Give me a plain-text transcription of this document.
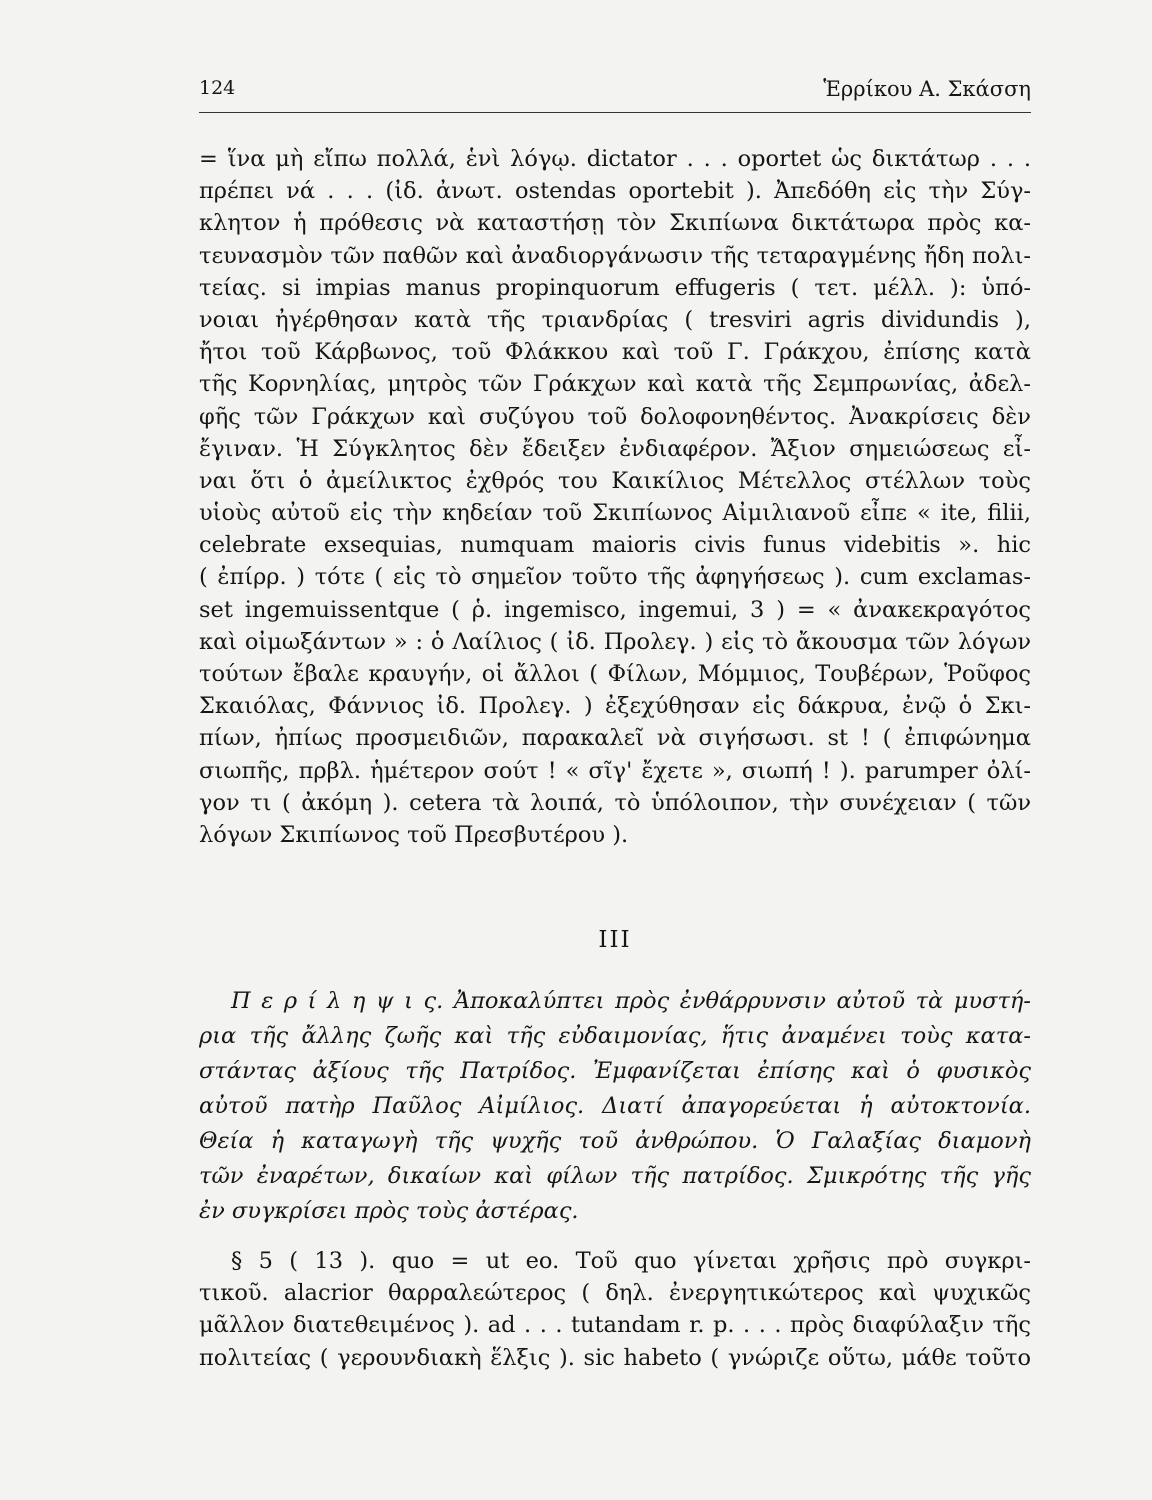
124	Ἑρρίκου Α. Σκάσση
= ἵνα μὴ εἴπω πολλά, ἑνὶ λόγῳ. dictator . . . oportet ὡς δικτάτωρ . . .
πρέπει νά . . . (ἰδ. ἀνωτ. ostendas oportebit ). Ἀπεδόθη εἰς τὴν Σύγ-
κλητον ἡ πρόθεσις νὰ καταστήσῃ τὸν Σκιπίωνα δικτάτωρα πρὸς κα-
τευνασμὸν τῶν παθῶν καὶ ἀναδιοργάνωσιν τῆς τεταραγμένης ἤδη πολι-
τείας. si impias manus propinquorum effugeris ( τετ. μέλλ. ): ὑπό-
νοιαι ἠγέρθησαν κατὰ τῆς τριανδρίας ( tresviri agris dividundis ),
ἤτοι τοῦ Κάρβωνος, τοῦ Φλάκκου καὶ τοῦ Γ. Γράκχου, ἐπίσης κατὰ
τῆς Κορνηλίας, μητρὸς τῶν Γράκχων καὶ κατὰ τῆς Σεμπρωνίας, ἀδελ-
φῆς τῶν Γράκχων καὶ συζύγου τοῦ δολοφονηθέντος. Ἀνακρίσεις δὲν
ἔγιναν. Ἡ Σύγκλητος δὲν ἔδειξεν ἐνδιαφέρον. Ἄξιον σημειώσεως εἶ-
ναι ὅτι ὁ ἀμείλικτος ἐχθρός του Καικίλιος Μέτελλος στέλλων τοὺς
υἱοὺς αὐτοῦ εἰς τὴν κηδείαν τοῦ Σκιπίωνος Αἰμιλιανοῦ εἶπε « ite, filii,
celebrate exsequias, numquam maioris civis funus videbitis ». hic
( ἐπίρρ. ) τότε ( εἰς τὸ σημεῖον τοῦτο τῆς ἀφηγήσεως ). cum exclamas-
set ingemuissentque ( ῥ. ingemisco, ingemui, 3 ) = « ἀνακεκραγότος
καὶ οἰμωξάντων » : ὁ Λαίλιος ( ἰδ. Προλεγ. ) εἰς τὸ ἄκουσμα τῶν λόγων
τούτων ἔβαλε κραυγήν, οἱ ἄλλοι ( Φίλων, Μόμμιος, Τουβέρων, Ῥοῦφος
Σκαιόλας, Φάννιος ἰδ. Προλεγ. ) ἐξεχύθησαν εἰς δάκρυα, ἐνῷ ὁ Σκι-
πίων, ἠπίως προσμειδιῶν, παρακαλεῖ νὰ σιγήσωσι. st ! ( ἐπιφώνημα
σιωπῆς, πρβλ. ἡμέτερον σούτ ! « σῖγ' ἔχετε », σιωπή ! ). parumper ὀλί-
γον τι ( ἀκόμη ). cetera τὰ λοιπά, τὸ ὑπόλοιπον, τὴν συνέχειαν ( τῶν
λόγων Σκιπίωνος τοῦ Πρεσβυτέρου ).
III
Π ε ρ ί λ η ψ ι ς. Ἀποκαλύπτει πρὸς ἐνθάρρυνσιν αὐτοῦ τὰ μυστή-
ρια τῆς ἄλλης ζωῆς καὶ τῆς εὐδαιμονίας, ἥτις ἀναμένει τοὺς κατα-
στάντας ἀξίους τῆς Πατρίδος. Ἐμφανίζεται ἐπίσης καὶ ὁ φυσικὸς
αὐτοῦ πατὴρ Παῦλος Αἰμίλιος. Διατί ἀπαγορεύεται ἡ αὐτοκτονία.
Θεία ἡ καταγωγὴ τῆς ψυχῆς τοῦ ἀνθρώπου. Ὁ Γαλαξίας διαμονὴ
τῶν ἐναρέτων, δικαίων καὶ φίλων τῆς πατρίδος. Σμικρότης τῆς γῆς
ἐν συγκρίσει πρὸς τοὺς ἀστέρας.
§ 5 ( 13 ). quo = ut eo. Τοῦ quo γίνεται χρῆσις πρὸ συγκρι-
τικοῦ. alacrior θαρραλεώτερος ( δηλ. ἐνεργητικώτερος καὶ ψυχικῶς
μᾶλλον διατεθειμένος ). ad . . . tutandam r. p. . . . πρὸς διαφύλαξιν τῆς
πολιτείας ( γερουνδιακὴ ἕλξις ). sic habeto ( γνώριζε οὕτω, μάθε τοῦτο
